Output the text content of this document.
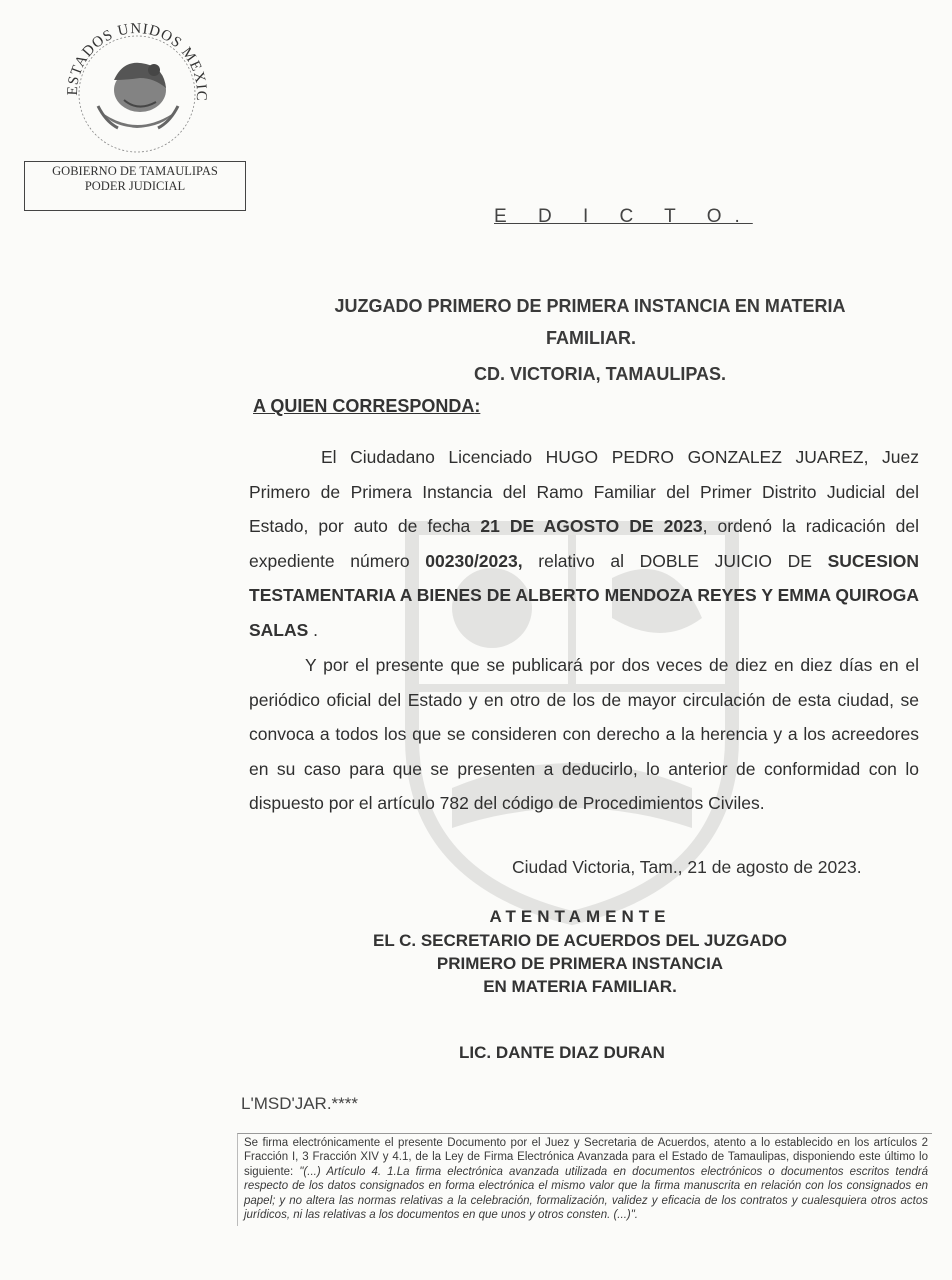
ESTADOS UNIDOS MEXIC
GOBIERNO DE TAMAULIPAS
PODER JUDICIAL
E D I C T O.
JUZGADO PRIMERO DE PRIMERA INSTANCIA EN MATERIA
FAMILIAR.
CD. VICTORIA, TAMAULIPAS.
A QUIEN CORRESPONDA:
El Ciudadano Licenciado HUGO PEDRO GONZALEZ JUAREZ, Juez Primero de Primera Instancia del Ramo Familiar del Primer Distrito Judicial del Estado, por auto de fecha 21 DE AGOSTO DE 2023, ordenó la radicación del expediente número 00230/2023, relativo al DOBLE JUICIO DE SUCESION TESTAMENTARIA A BIENES DE ALBERTO MENDOZA REYES Y EMMA QUIROGA SALAS .
Y por el presente que se publicará por dos veces de diez en diez días en el periódico oficial del Estado y en otro de los de mayor circulación de esta ciudad, se convoca a todos los que se consideren con derecho a la herencia y a los acreedores en su caso para que se presenten a deducirlo, lo anterior de conformidad con lo dispuesto por el artículo 782 del código de Procedimientos Civiles.
Ciudad Victoria, Tam., 21 de agosto de 2023.
ATENTAMENTE
EL C. SECRETARIO DE ACUERDOS DEL JUZGADO
PRIMERO DE PRIMERA INSTANCIA
EN MATERIA FAMILIAR.
LIC. DANTE DIAZ DURAN
L'MSD'JAR.****
Se firma electrónicamente el presente Documento por el Juez y Secretaria de Acuerdos, atento a lo establecido en los artículos 2 Fracción I, 3 Fracción XIV y 4.1, de la Ley de Firma Electrónica Avanzada para el Estado de Tamaulipas, disponiendo este último lo siguiente: "(...) Artículo 4. 1.La firma electrónica avanzada utilizada en documentos electrónicos o documentos escritos tendrá respecto de los datos consignados en forma electrónica el mismo valor que la firma manuscrita en relación con los consignados en papel; y no altera las normas relativas a la celebración, formalización, validez y eficacia de los contratos y cualesquiera otros actos jurídicos, ni las relativas a los documentos en que unos y otros consten. (...)".
